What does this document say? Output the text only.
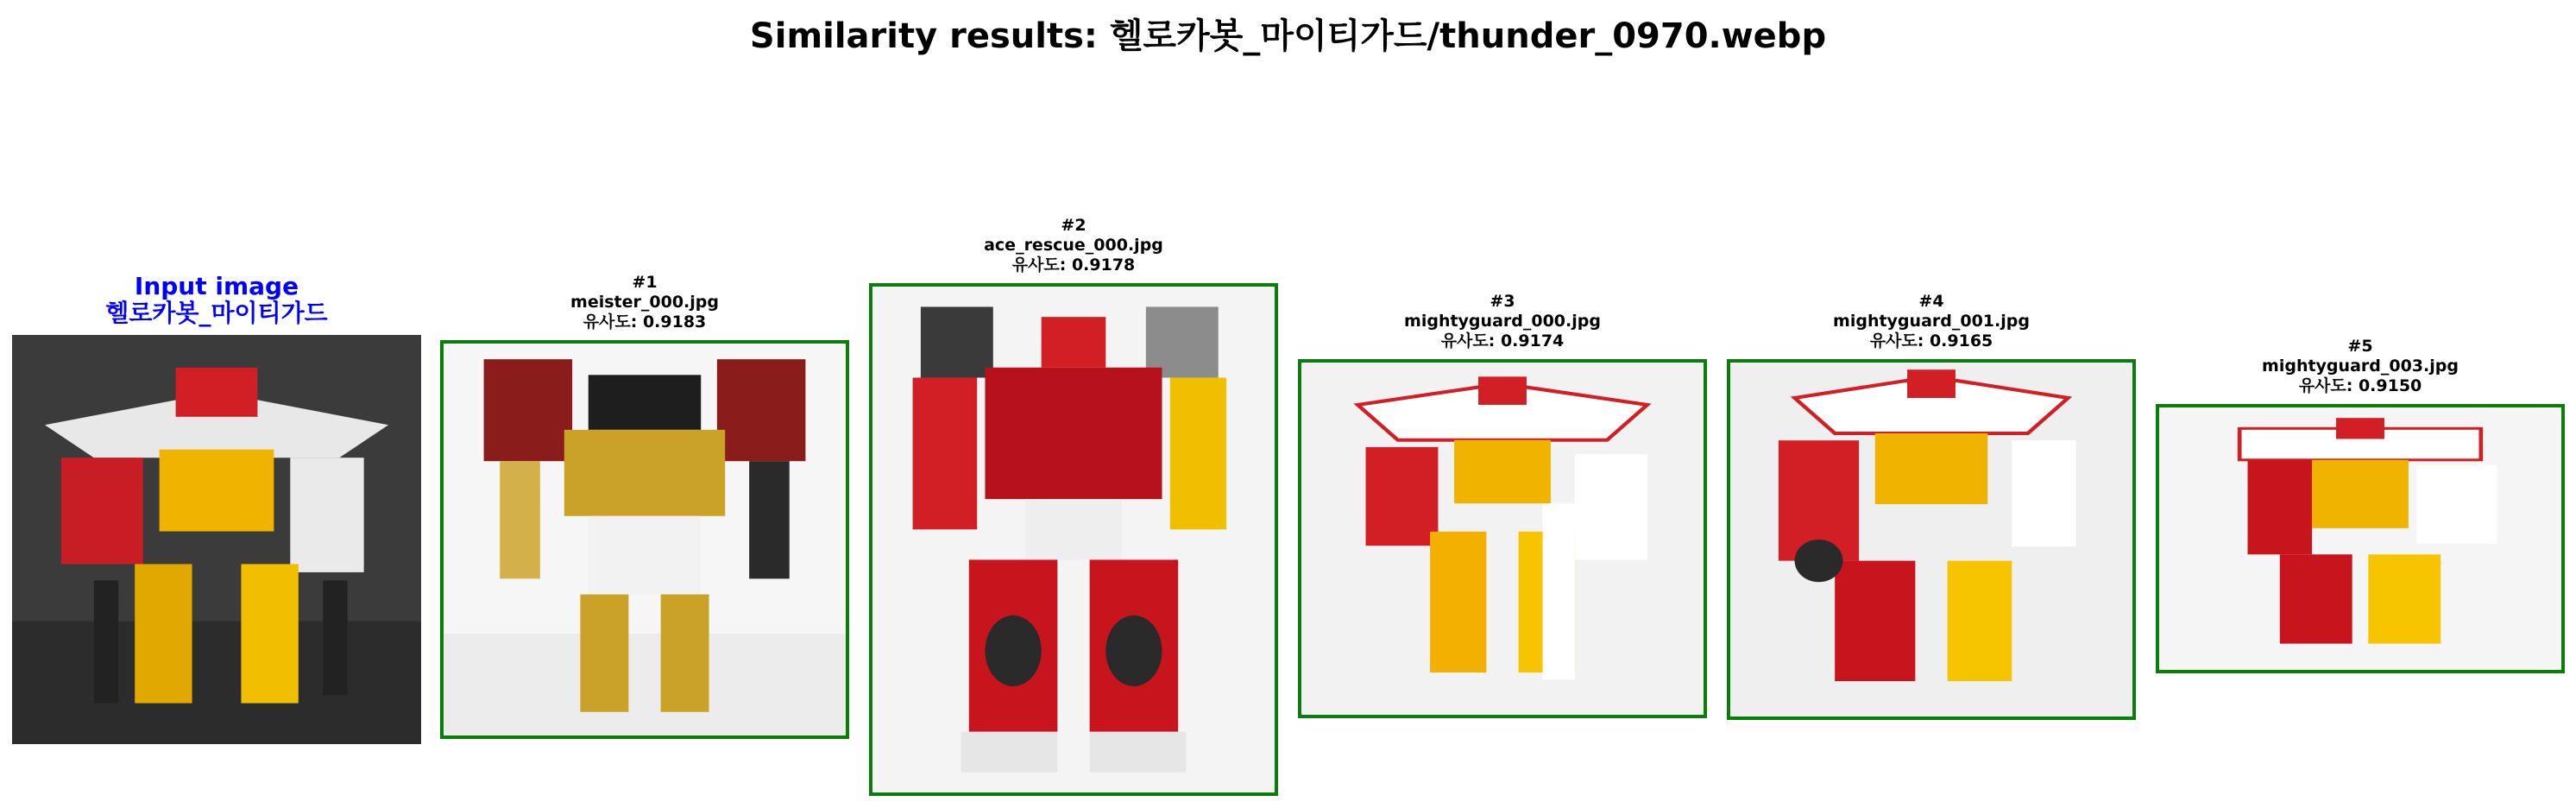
Similarity results: 헬로카봇_마이티가드/thunder_0970.webp
Input image
헬로카봇_마이티가드
#1
meister_000.jpg
유사도: 0.9183
#2
ace_rescue_000.jpg
유사도: 0.9178
#3
mightyguard_000.jpg
유사도: 0.9174
#4
mightyguard_001.jpg
유사도: 0.9165	#5
mightyguard_003.jpg
유사도: 0.9150
